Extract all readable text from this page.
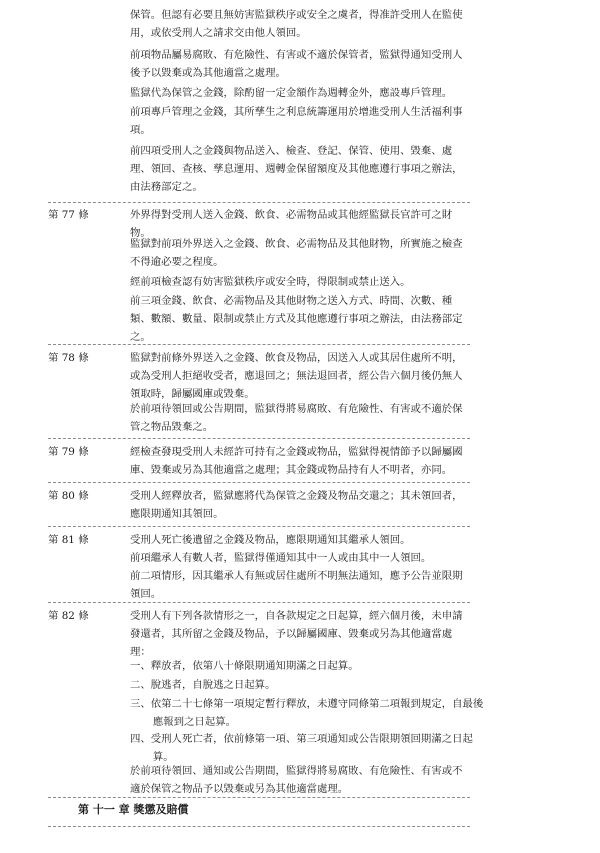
保管。但認有必要且無妨害監獄秩序或安全之虞者，得准許受刑人在監使用，或依受刑人之請求交由他人領回。

前項物品屬易腐敗、有危險性、有害或不適於保管者，監獄得通知受刑人後予以毀棄或為其他適當之處理。

監獄代為保管之金錢，除酌留一定金額作為週轉金外，應設專戶管理。

前項專戶管理之金錢，其所孳生之利息統籌運用於增進受刑人生活福利事項。

前四項受刑人之金錢與物品送入、檢查、登記、保管、使用、毀棄、處理、領回、查核、孳息運用、週轉金保留額度及其他應遵行事項之辦法，由法務部定之。

第 77 條	外界得對受刑人送入金錢、飲食、必需物品或其他經監獄長官許可之財物。

監獄對前項外界送入之金錢、飲食、必需物品及其他財物，所實施之檢查不得逾必要之程度。

經前項檢查認有妨害監獄秩序或安全時，得限制或禁止送入。

前三項金錢、飲食、必需物品及其他財物之送入方式、時間、次數、種類、數額、數量、限制或禁止方式及其他應遵行事項之辦法，由法務部定之。

第 78 條	監獄對前條外界送入之金錢、飲食及物品，因送入人或其居住處所不明，或為受刑人拒絕收受者，應退回之；無法退回者，經公告六個月後仍無人領取時，歸屬國庫或毀棄。

於前項待領回或公告期間，監獄得將易腐敗、有危險性、有害或不適於保管之物品毀棄之。

第 79 條	經檢查發現受刑人未經許可持有之金錢或物品，監獄得視情節予以歸屬國庫、毀棄或另為其他適當之處理；其金錢或物品持有人不明者，亦同。

第 80 條	受刑人經釋放者，監獄應將代為保管之金錢及物品交還之；其未領回者，應限期通知其領回。

第 81 條	受刑人死亡後遺留之金錢及物品，應限期通知其繼承人領回。

前項繼承人有數人者，監獄得僅通知其中一人或由其中一人領回。

前二項情形，因其繼承人有無或居住處所不明無法通知，應予公告並限期領回。

第 82 條	受刑人有下列各款情形之一，自各款規定之日起算，經六個月後，未申請發還者，其所留之金錢及物品，予以歸屬國庫、毀棄或另為其他適當處理：

一、釋放者，依第八十條限期通知期滿之日起算。

二、脫逃者，自脫逃之日起算。

三、依第二十七條第一項規定暫行釋放，未遵守同條第二項報到規定，自最後應報到之日起算。

四、受刑人死亡者，依前條第一項、第三項通知或公告限期領回期滿之日起算。

於前項待領回、通知或公告期間，監獄得將易腐敗、有危險性、有害或不適於保管之物品予以毀棄或另為其他適當處理。

第 十一 章 獎懲及賠償
